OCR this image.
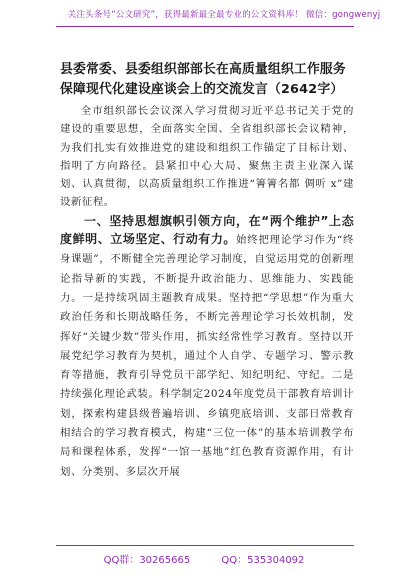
关注头条号“公文研究”，获得最新最全最专业的公文资料库！ 微信：gongwenyj
县委常委、县委组织部部长在高质量组织工作服务保障现代化建设座谈会上的交流发言（2642字）

全市组织部长会议深入学习贯彻习近平总书记关于党的建设的重要思想，全面落实全国、全省组织部长会议精神，为我们扎实有效推进党的建设和组织工作锚定了目标计划、指明了方向路径。县紧扣中心大局、聚焦主责主业深入谋划、认真贯彻，以高质量组织工作推进“箐箐名都 倜听 x”建设新征程。

一、坚持思想旗帜引领方向，在“两个维护”上态度鲜明、立场坚定、行动有力。始终把理论学习作为“终身课题”，不断健全完善理论学习制度，自觉运用党的创新理论指导新的实践，不断提升政治能力、思维能力、实践能力。一是持续巩固主题教育成果。坚持把“学思想”作为重大政治任务和长期战略任务，不断完善理论学习长效机制，发挥好“关键少数”带头作用，抓实经常性学习教育。坚持以开展党纪学习教育为契机，通过个人自学、专题学习、警示教育等措施，教育引导党员干部学纪、知纪明纪、守纪。二是持续强化理论武装。科学制定2024年度党员干部教育培训计划，探索构建县级普遍培训、乡镇兜底培训、支部日常教育相结合的学习教育模式，构建“三位一体”的基本培训教学布局和课程体系，发挥“一馆一基地”红色教育资源作用，有计划、分类别、多层次开展

QQ群：30265665	QQ：535304092
